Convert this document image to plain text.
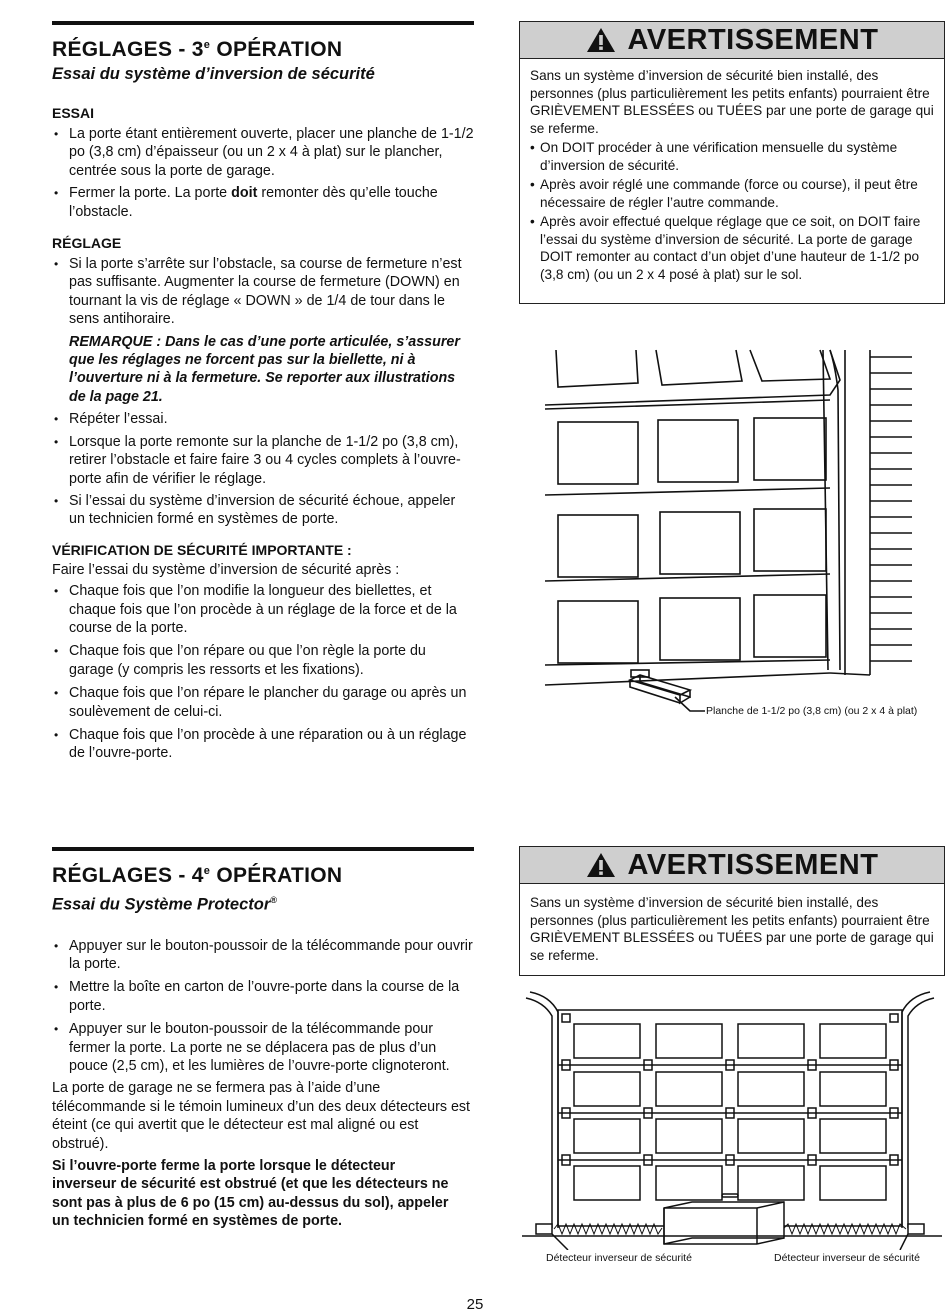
RÉGLAGES - 3e OPÉRATION
Essai du système d’inversion de sécurité

ESSAI

• La porte étant entièrement ouverte, placer une planche de 1-1/2 po (3,8 cm) d’épaisseur (ou un 2 x 4 à plat) sur le plancher, centrée sous la porte de garage.
• Fermer la porte. La porte doit remonter dès qu’elle touche l’obstacle.

RÉGLAGE

• Si la porte s’arrête sur l’obstacle, sa course de fermeture n’est pas suffisante. Augmenter la course de fermeture (DOWN) en tournant la vis de réglage « DOWN » de 1/4 de tour dans le sens antihoraire.

REMARQUE : Dans le cas d’une porte articulée, s’assurer que les réglages ne forcent pas sur la biellette, ni à l’ouverture ni à la fermeture. Se reporter aux illustrations de la page 21.

• Répéter l’essai.
• Lorsque la porte remonte sur la planche de 1-1/2 po (3,8 cm), retirer l’obstacle et faire faire 3 ou 4 cycles complets à l’ouvre-porte afin de vérifier le réglage.
• Si l’essai du système d’inversion de sécurité échoue, appeler un technicien formé en systèmes de porte.

VÉRIFICATION DE SÉCURITÉ IMPORTANTE :

Faire l’essai du système d’inversion de sécurité après :

• Chaque fois que l’on modifie la longueur des biellettes, et chaque fois que l’on procède à un réglage de la force et de la course de la porte.
• Chaque fois que l’on répare ou que l’on règle la porte du garage (y compris les ressorts et les fixations).
• Chaque fois que l’on répare le plancher du garage ou après un soulèvement de celui-ci.
• Chaque fois que l’on procède à une réparation ou à un réglage de l’ouvre-porte.
AVERTISSEMENT

Sans un système d’inversion de sécurité bien installé, des personnes (plus particulièrement les petits enfants) pourraient être GRIÈVEMENT BLESSÉES ou TUÉES par une porte de garage qui se referme.

• On DOIT procéder à une vérification mensuelle du système d’inversion de sécurité.
• Après avoir réglé une commande (force ou course), il peut être nécessaire de régler l’autre commande.
• Après avoir effectué quelque réglage que ce soit, on DOIT faire l’essai du système d’inversion de sécurité. La porte de garage DOIT remonter au contact d’un objet d’une hauteur de 1-1/2 po (3,8 cm) (ou un 2 x 4 posé à plat) sur le sol.
Planche de 1-1/2 po (3,8 cm) (ou 2 x 4 à plat)
RÉGLAGES - 4e OPÉRATION
Essai du Système Protector®
• Appuyer sur le bouton-poussoir de la télécommande pour ouvrir la porte.
• Mettre la boîte en carton de l’ouvre-porte dans la course de la porte.
• Appuyer sur le bouton-poussoir de la télécommande pour fermer la porte. La porte ne se déplacera pas de plus d’un pouce (2,5 cm), et les lumières de l’ouvre-porte clignoteront.

La porte de garage ne se fermera pas à l’aide d’une télécommande si le témoin lumineux d’un des deux détecteurs est éteint (ce qui avertit que le détecteur est mal aligné ou est obstrué).

Si l’ouvre-porte ferme la porte lorsque le détecteur inverseur de sécurité est obstrué (et que les détecteurs ne sont pas à plus de 6 po (15 cm) au-dessus du sol), appeler un technicien formé en systèmes de porte.

AVERTISSEMENT

Sans un système d’inversion de sécurité bien installé, des personnes (plus particulièrement les petits enfants) pourraient être GRIÈVEMENT BLESSÉES ou TUÉES par une porte de garage qui se referme.

Détecteur inverseur de sécurité	Détecteur inverseur de sécurité
25
